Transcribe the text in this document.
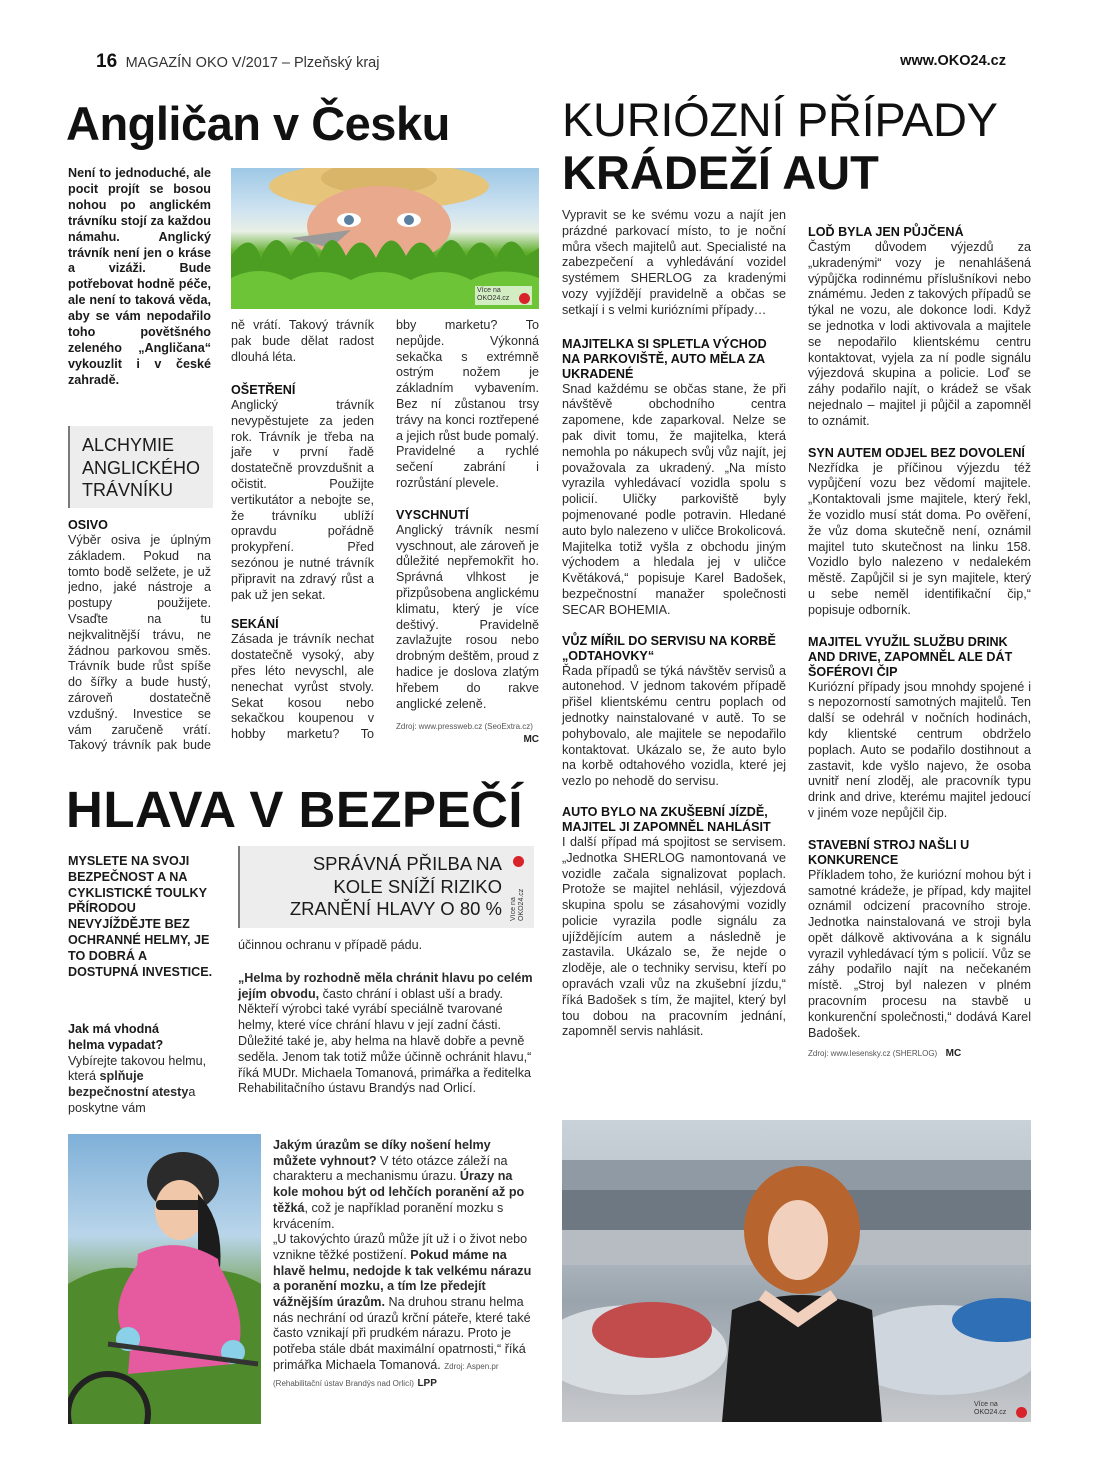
16 MAGAZÍN OKO V/2017 – Plzeňský kraj	www.OKO24.cz
Angličan v Česku
Není to jednoduché, ale pocit projít se bosou nohou po anglickém trávníku stojí za každou námahu. Anglický trávník není jen o kráse a vizáži. Bude potřebovat hodně péče, ale není to taková věda, aby se vám nepodařilo toho povětšného zeleného „Angličana“ vykouzlit i v české zahradě.
Více na OKO24.cz
ALCHYMIE ANGLICKÉHO TRÁVNÍKU
OSIVO
Výběr osiva je úplným základem. Pokud na tomto bodě selžete, je už jedno, jaké nástroje a postupy použijete. Vsaďte na tu nejkvalitnější trávu, ne žádnou parkovou směs. Trávník bude růst spíše do šířky a bude hustý, zároveň dostatečně vzdušný. Investice se vám zaručeně vrátí. Takový trávník pak bude
ně vrátí. Takový trávník pak bude dělat radost dlouhá léta.
OŠETŘENÍ
Anglický trávník nevypěstujete za jeden rok. Trávník je třeba na jaře v první řadě dostatečně provzdušnit a očistit. Použijte vertikutátor a nebojte se, že trávníku ublíží opravdu pořádně prokypření. Před sezónou je nutné trávník připravit na zdravý růst a pak už jen sekat.
SEKÁNÍ
Zásada je trávník nechat dostatečně vysoký, aby přes léto nevyschl, ale nenechat vyrůst stvoly. Sekat kosou nebo sekačkou koupenou v hobby marketu? To
bby marketu? To nepůjde. Výkonná sekačka s extrémně ostrým nožem je základním vybavením. Bez ní zůstanou trsy trávy na konci roztřepené a jejich růst bude pomalý. Pravidelné a rychlé sečení zabrání i rozrůstání plevele.
VYSCHNUTÍ
Anglický trávník nesmí vyschnout, ale zároveň je důležité nepřemokřit ho. Správná vlhkost je přizpůsobena anglickému klimatu, který je více deštivý. Pravidelně zavlažujte rosou nebo drobným deštěm, proud z hadice je doslova zlatým hřebem do rakve anglické zeleně.
Zdroj: www.pressweb.cz (SeoExtra.cz)
MC
HLAVA V BEZPEČÍ
MYSLETE NA SVOJI BEZPEČNOST A NA CYKLISTICKÉ TOULKY PŘÍRODOU NEVYJÍŽDĚJTE BEZ OCHRANNÉ HELMY, JE TO DOBRÁ A DOSTUPNÁ INVESTICE.
Jak má vhodná helma vypadat?
Vybírejte takovou helmu, která splňuje bezpečnostní atestya poskytne vám
SPRÁVNÁ PŘILBA NA KOLE SNÍŽÍ RIZIKO ZRANĚNÍ HLAVY O 80 % Více na OKO24.cz

účinnou ochranu v případě pádu.

„Helma by rozhodně měla chránit hlavu po celém jejím obvodu, často chrání i oblast uší a brady. Někteří výrobci také vyrábí speciálně tvarované helmy, které více chrání hlavu v její zadní části. Důležité také je, aby helma na hlavě dobře a pevně seděla. Jenom tak totiž může účinně ochránit hlavu,“ říká MUDr. Michaela Tomanová, primářka a ředitelka Rehabilitačního ústavu Brandýs nad Orlicí.

Jakým úrazům se díky nošení helmy můžete vyhnout? V této otázce záleží na charakteru a mechanismu úrazu. Úrazy na kole mohou být od lehčích poranění až po těžká, což je například poranění mozku s krvácením.

„U takovýchto úrazů může jít už i o život nebo vznikne těžké postižení. Pokud máme na hlavě helmu, nedojde k tak velkému nárazu a poranění mozku, a tím lze předejít vážnějším úrazům. Na druhou stranu helma nás nechrání od úrazů krční páteře, které také často vznikají při prudkém nárazu. Proto je potřeba stále dbát maximální opatrnosti,“ říká primářka Michaela Tomanová. Zdroj: Aspen.pr (Rehabilitační ústav Brandýs nad Orlicí) LPP

KURIÓZNÍ PŘÍPADY
KRÁDEŽÍ AUT
Vypravit se ke svému vozu a najít jen prázdné parkovací místo, to je noční můra všech majitelů aut. Specialisté na zabezpečení a vyhledávání vozidel systémem SHERLOG za kradenými vozy vyjíždějí pravidelně a občas se setkají i s velmi kuriózními případy…
MAJITELKA SI SPLETLA VÝCHOD NA PARKOVIŠTĚ, AUTO MĚLA ZA UKRADENÉ
Snad každému se občas stane, že při návštěvě obchodního centra zapomene, kde zaparkoval. Nelze se pak divit tomu, že majitelka, která nemohla po nákupech svůj vůz najít, jej považovala za ukradený. „Na místo vyrazila vyhledávací vozidla spolu s policií. Uličky parkoviště byly pojmenované podle potravin. Hledané auto bylo nalezeno v uličce Brokolicová. Majitelka totiž vyšla z obchodu jiným východem a hledala jej v uličce Květáková,“ popisuje Karel Badošek, bezpečnostní manažer společnosti SECAR BOHEMIA.
VŮZ MÍŘIL DO SERVISU NA KORBĚ „ODTAHOVKY“
Řada případů se týká návštěv servisů a autonehod. V jednom takovém případě přišel klientskému centru poplach od jednotky nainstalované v autě. To se pohybovalo, ale majitele se nepodařilo kontaktovat. Ukázalo se, že auto bylo na korbě odtahového vozidla, které jej vezlo po nehodě do servisu.
AUTO BYLO NA ZKUŠEBNÍ JÍZDĚ, MAJITEL JI ZAPOMNĚL NAHLÁSIT
I další případ má spojitost se servisem. „Jednotka SHERLOG namontovaná ve vozidle začala signalizovat poplach. Protože se majitel nehlásil, výjezdová skupina spolu se zásahovými vozidly policie vyrazila podle signálu za ujíždějícím autem a následně je zastavila. Ukázalo se, že nejde o zloděje, ale o techniky servisu, kteří po opravách vzali vůz na zkušební jízdu,“ říká Badošek s tím, že majitel, který byl tou dobou na pracovním jednání, zapomněl servis nahlásit.
LOĎ BYLA JEN PŮJČENÁ
Častým důvodem výjezdů za „ukradenými“ vozy je nenahlášená výpůjčka rodinnému příslušníkovi nebo známému. Jeden z takových případů se týkal ne vozu, ale dokonce lodi. Když se jednotka v lodi aktivovala a majitele se nepodařilo klientskému centru kontaktovat, vyjela za ní podle signálu výjezdová skupina a policie. Loď se záhy podařilo najít, o krádež se však nejednalo – majitel ji půjčil a zapomněl to oznámit.
SYN AUTEM ODJEL BEZ DOVOLENÍ
Nezřídka je příčinou výjezdu též vypůjčení vozu bez vědomí majitele. „Kontaktovali jsme majitele, který řekl, že vozidlo musí stát doma. Po ověření, že vůz doma skutečně není, oznámil majitel tuto skutečnost na linku 158. Vozidlo bylo nalezeno v nedalekém městě. Zapůjčil si je syn majitele, který u sebe neměl identifikační čip,“ popisuje odborník.
MAJITEL VYUŽIL SLUŽBU DRINK AND DRIVE, ZAPOMNĚL ALE DÁT ŠOFÉROVI ČIP
Kuriózní případy jsou mnohdy spojené i s nepozorností samotných majitelů. Ten další se odehrál v nočních hodinách, kdy klientské centrum obdrželo poplach. Auto se podařilo dostihnout a zastavit, kde vyšlo najevo, že osoba uvnitř není zloděj, ale pracovník typu drink and drive, kterému majitel jedoucí v jiném voze nepůjčil čip.
STAVEBNÍ STROJ NAŠLI U KONKURENCE
Příkladem toho, že kuriózní mohou být i samotné krádeže, je případ, kdy majitel oznámil odcizení pracovního stroje. Jednotka nainstalovaná ve stroji byla opět dálkově aktivována a k signálu vyrazil vyhledávací tým s policií. Vůz se záhy podařilo najít na nečekaném místě. „Stroj byl nalezen v plném pracovním procesu na stavbě u konkurenční společnosti,“ dodává Karel Badošek.
Zdroj: www.lesensky.cz (SHERLOG) MC
Více na OKO24.cz
